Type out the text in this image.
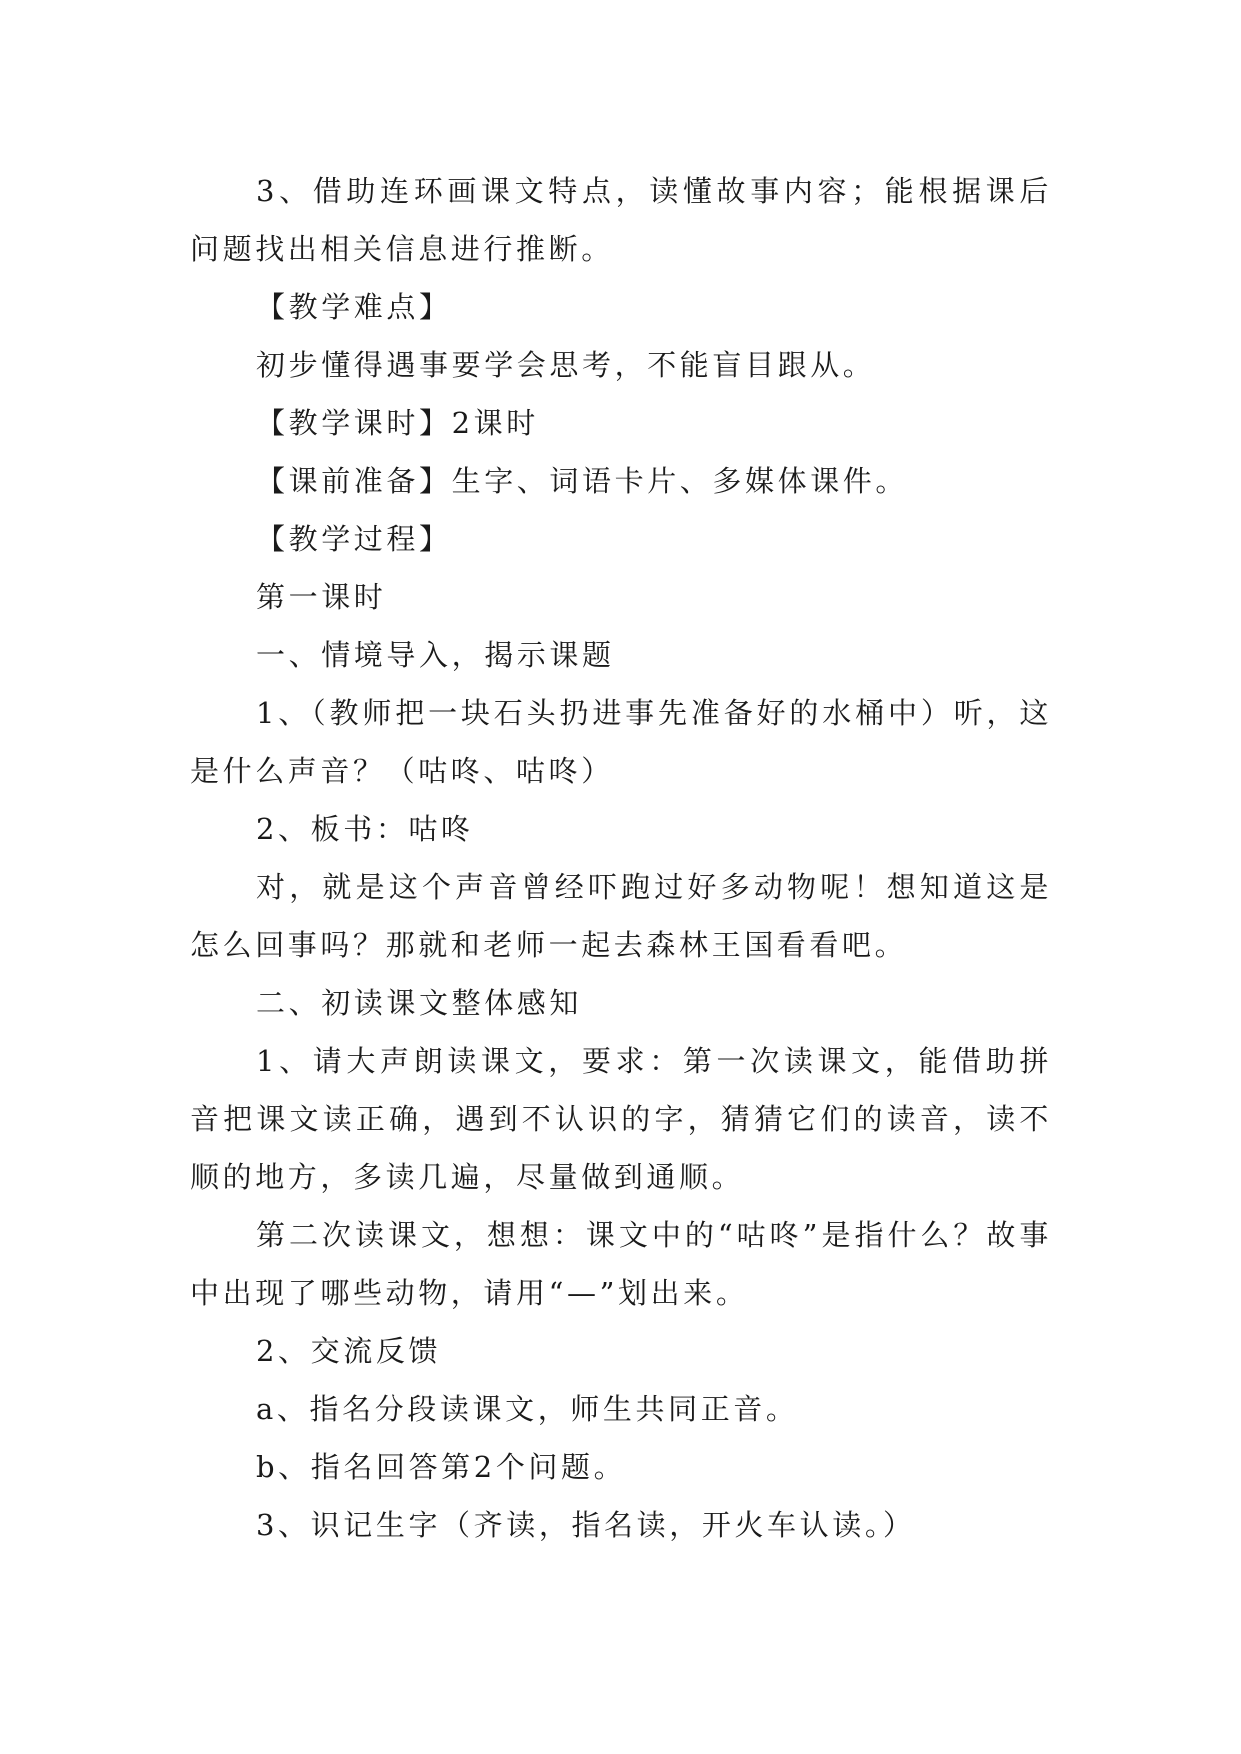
3、借助连环画课文特点，读懂故事内容；能根据课后问题找出相关信息进行推断。

【教学难点】

初步懂得遇事要学会思考，不能盲目跟从。

【教学课时】2课时

【课前准备】生字、词语卡片、多媒体课件。

【教学过程】

第一课时

一、情境导入，揭示课题

1、（教师把一块石头扔进事先准备好的水桶中）听，这是什么声音？（咕咚、咕咚）

2、板书：咕咚

对，就是这个声音曾经吓跑过好多动物呢！想知道这是怎么回事吗？那就和老师一起去森林王国看看吧。

二、初读课文整体感知

1、请大声朗读课文，要求：第一次读课文，能借助拼音把课文读正确，遇到不认识的字，猜猜它们的读音，读不顺的地方，多读几遍，尽量做到通顺。

第二次读课文，想想：课文中的“咕咚”是指什么？故事中出现了哪些动物，请用“—”划出来。

2、交流反馈

a、指名分段读课文，师生共同正音。

b、指名回答第2个问题。

3、识记生字（齐读，指名读，开火车认读。）
